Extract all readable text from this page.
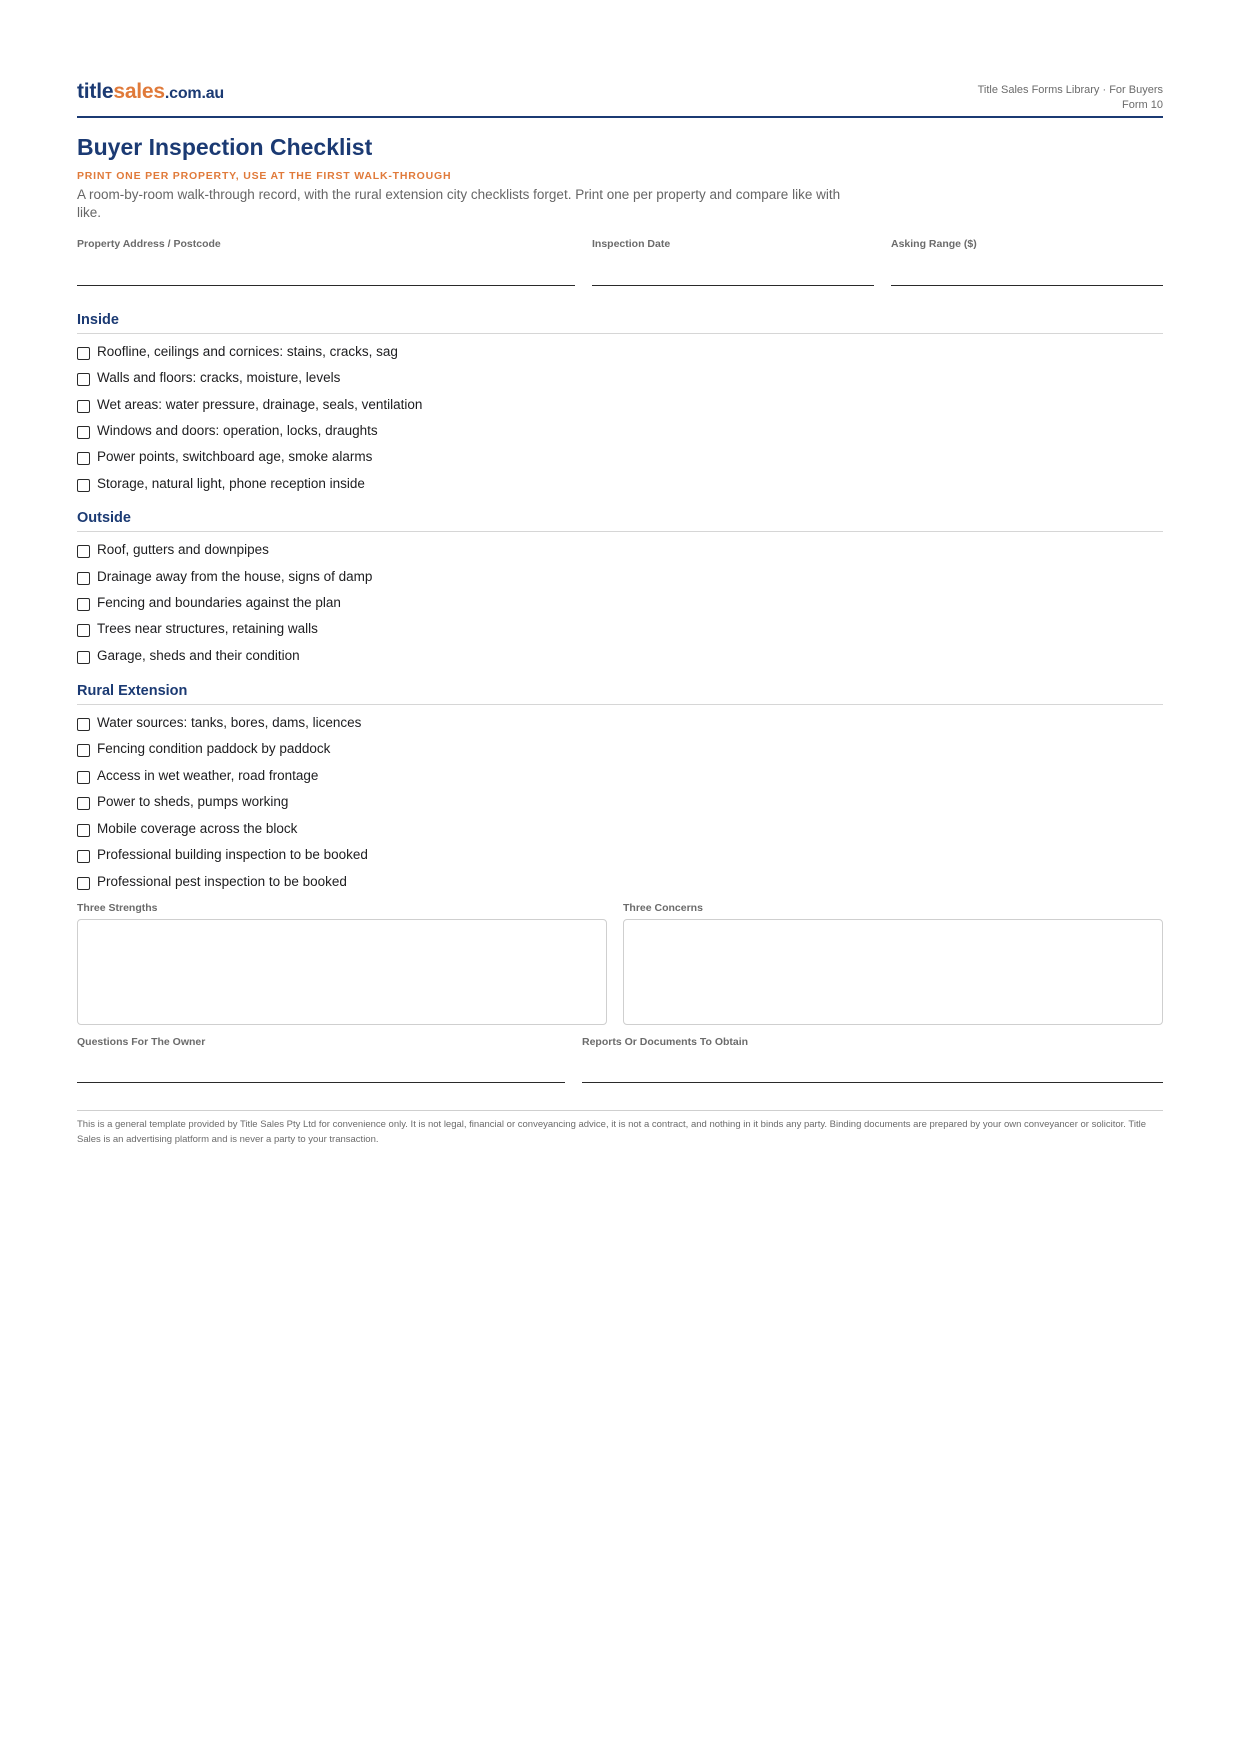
titlesales.com.au	Title Sales Forms Library · For Buyers
Form 10
Buyer Inspection Checklist
PRINT ONE PER PROPERTY, USE AT THE FIRST WALK-THROUGH
A room-by-room walk-through record, with the rural extension city checklists forget. Print one per property and compare like with like.
Property Address / Postcode	Inspection Date	Asking Range ($)
Inside
Roofline, ceilings and cornices: stains, cracks, sag
Walls and floors: cracks, moisture, levels
Wet areas: water pressure, drainage, seals, ventilation
Windows and doors: operation, locks, draughts
Power points, switchboard age, smoke alarms
Storage, natural light, phone reception inside
Outside
Roof, gutters and downpipes
Drainage away from the house, signs of damp
Fencing and boundaries against the plan
Trees near structures, retaining walls
Garage, sheds and their condition
Rural Extension
Water sources: tanks, bores, dams, licences
Fencing condition paddock by paddock
Access in wet weather, road frontage
Power to sheds, pumps working
Mobile coverage across the block
Professional building inspection to be booked
Professional pest inspection to be booked
Three Strengths	Three Concerns
Questions For The Owner	Reports Or Documents To Obtain
This is a general template provided by Title Sales Pty Ltd for convenience only. It is not legal, financial or conveyancing advice, it is not a contract, and nothing in it binds any party. Binding documents are prepared by your own conveyancer or solicitor. Title Sales is an advertising platform and is never a party to your transaction.
